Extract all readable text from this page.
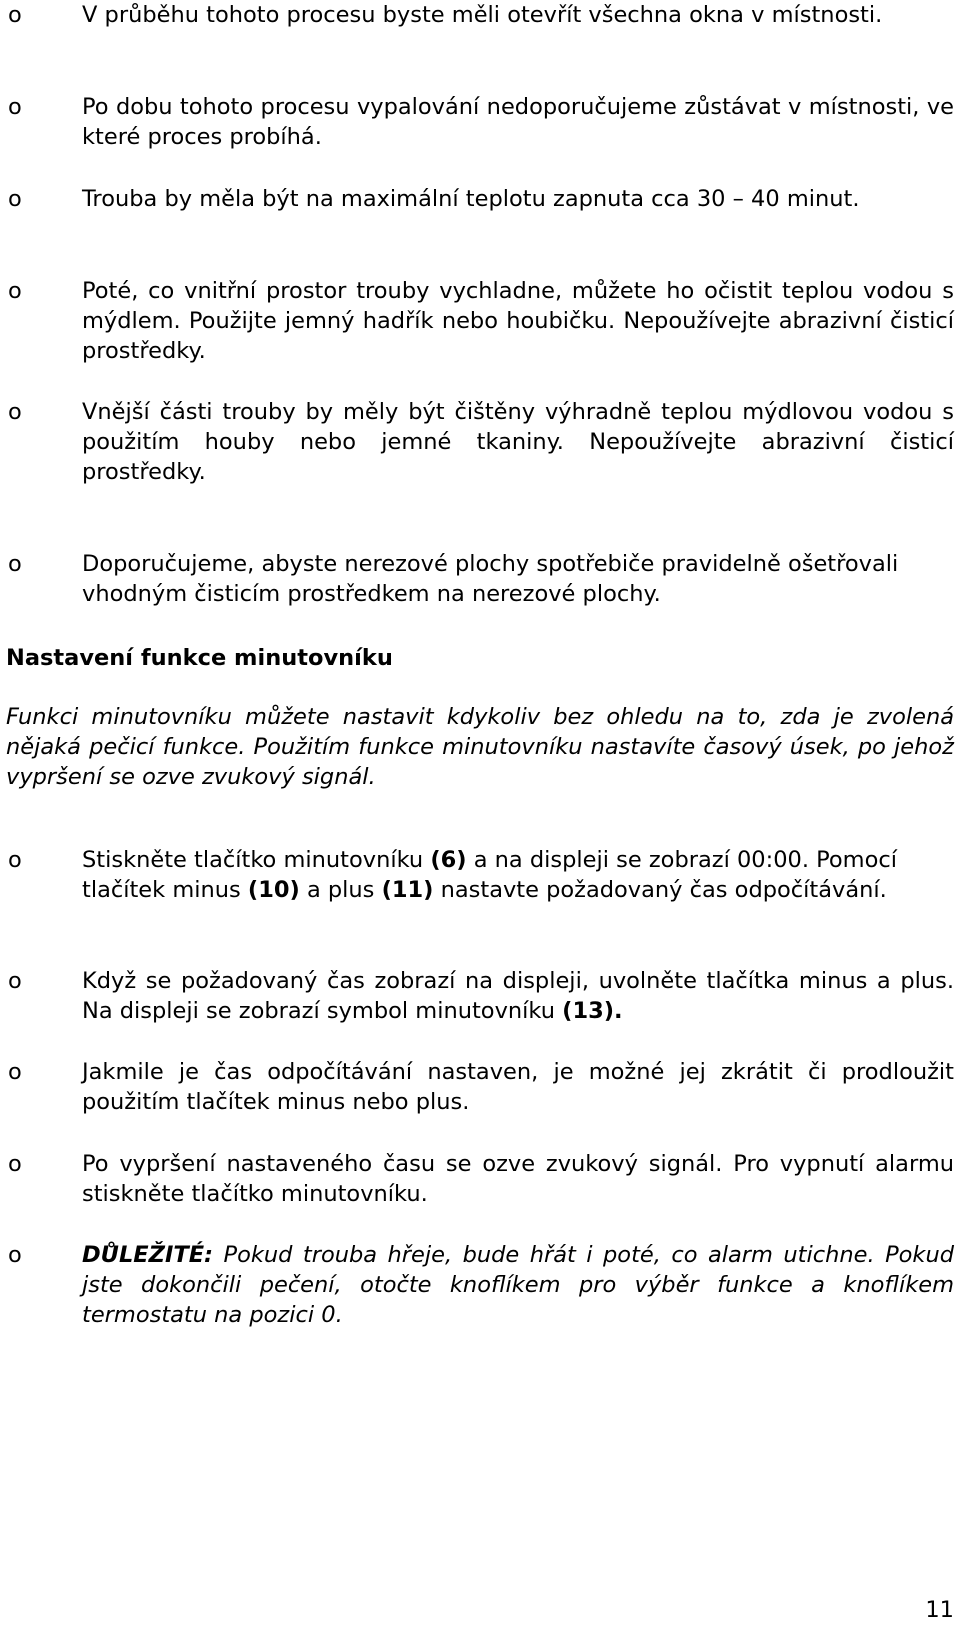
o	V průběhu tohoto procesu byste měli otevřít všechna okna v místnosti.
o	Po dobu tohoto procesu vypalování nedoporučujeme zůstávat v místnosti, ve které proces probíhá.
o	Trouba by měla být na maximální teplotu zapnuta cca 30 – 40 minut.
o	Poté, co vnitřní prostor trouby vychladne, můžete ho očistit teplou vodou s mýdlem. Použijte jemný hadřík nebo houbičku. Nepoužívejte abrazivní čisticí prostředky.
o	Vnější části trouby by měly být čištěny výhradně teplou mýdlovou vodou s použitím houby nebo jemné tkaniny. Nepoužívejte abrazivní čisticí prostředky.
o	Doporučujeme, abyste nerezové plochy spotřebiče pravidelně ošetřovali vhodným čisticím prostředkem na nerezové plochy.
Nastavení funkce minutovníku
Funkci minutovníku můžete nastavit kdykoliv bez ohledu na to, zda je zvolená nějaká pečicí funkce. Použitím funkce minutovníku nastavíte časový úsek, po jehož vypršení se ozve zvukový signál.
o	Stiskněte tlačítko minutovníku (6) a na displeji se zobrazí 00:00. Pomocí tlačítek minus (10) a plus (11) nastavte požadovaný čas odpočítávání.
o	Když se požadovaný čas zobrazí na displeji, uvolněte tlačítka minus a plus. Na displeji se zobrazí symbol minutovníku (13).
o	Jakmile je čas odpočítávání nastaven, je možné jej zkrátit či prodloužit použitím tlačítek minus nebo plus.
o	Po vypršení nastaveného času se ozve zvukový signál. Pro vypnutí alarmu stiskněte tlačítko minutovníku.
o	DŮLEŽITÉ: Pokud trouba hřeje, bude hřát i poté, co alarm utichne. Pokud jste dokončili pečení, otočte knoflíkem pro výběr funkce a knoflíkem termostatu na pozici 0.
11
